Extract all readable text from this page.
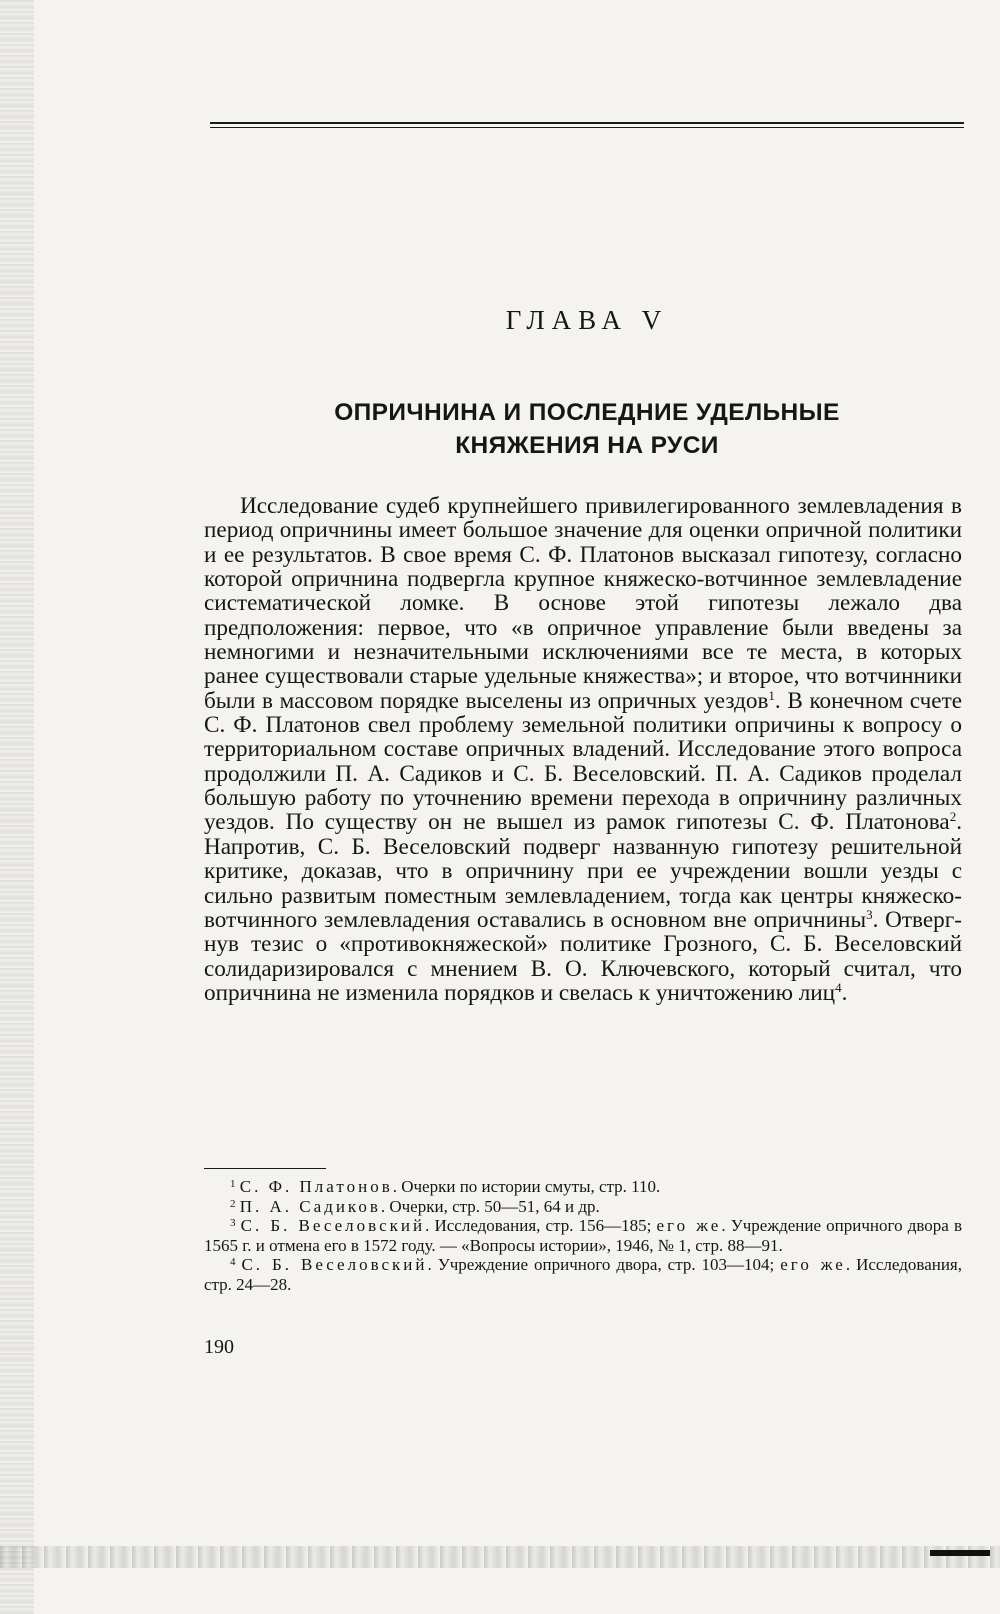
ГЛАВА V
ОПРИЧНИНА И ПОСЛЕДНИЕ УДЕЛЬНЫЕ
КНЯЖЕНИЯ НА РУСИ

Исследование судеб крупнейшего привилегированного землевладения в период опричнины имеет большое значение для оценки опричной политики и ее результатов. В свое время С. Ф. Платонов высказал гипотезу, согласно которой опричнина подвергла крупное княжеско-вотчинное землевладение систематической ломке. В основе этой гипотезы лежало два предположения: первое, что «в опричное управление были введены за немногими и незначительными исключениями все те места, в которых ранее существовали старые удельные княжества»; и второе, что вотчинники были в массовом порядке выселены из опричных уездов$^1$. В конечном счете С. Ф. Платонов свел проблему земельной политики опричины к вопросу о территориальном составе опричных владений. Исследование этого вопроса продолжили П. А. Садиков и С. Б. Веселовский. П. А. Садиков проделал большую работу по уточнению времени перехода в опричнину различных уездов. По существу он не вышел из рамок гипотезы С. Ф. Платонова$^2$. Напротив, С. Б. Веселовский подверг названную гипотезу решительной критике, доказав, что в опричнину при ее учреждении вошли уезды с сильно развитым поместным землевладением, тогда как центры княжеско-вотчинного землевладения оставались в основном вне опричнины$^3$. Отвергнув тезис о «противокняжеской» политике Грозного, С. Б. Веселовский солидаризировался с мнением В. О. Ключевского, который считал, что опричнина не изменила порядков и свелась к уничтожению лиц$^4$.

$^1$ С. Ф. Платонов. Очерки по истории смуты, стр. 110.

$^2$ П. А. Садиков. Очерки, стр. 50—51, 64 и др.

$^3$ С. Б. Веселовский. Исследования, стр. 156—185; его же. Учреждение опричного двора в 1565 г. и отмена его в 1572 году. — «Вопросы истории», 1946, № 1, стр. 88—91.

$^4$ С. Б. Веселовский. Учреждение опричного двора, стр. 103—104; его же. Исследования, стр. 24—28.

190
